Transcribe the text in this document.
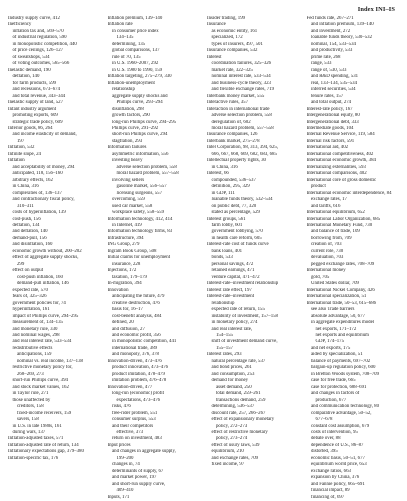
Index INI–IS
Industry supply curve, 412
Inefficiency
inflation tax and, 569–570
of industrial regulation, 590
in monopolistic competition, 440
of price ceilings, 126–127
of sweatshops, 534
of voting outcomes, 565–566
Inelastic demand, 190
deflation, 140
for farm products, 599
and recessions, 673–674
and total revenue, 343–344
Inelastic supply of land, 527
Infant industry argument
promoting exports, 609
strategic trade policy, 609
Inferior goods, 86, 264
and income elasticity of demand,
197
Inflation, 532
Infinite slope, 24
Inflation
and acceptability of money, 294
anticipated, 118, 156–160
arbitrary effects, 162
in China, 316
complexities of, 136–137
and contractionary fiscal policy,
310–311
costs of hyperinflation, 139
cost-push, 156
deflation, 134
and deflation, 140
demand-pull, 156
and disinflation, 160
economic growth without, 200–202
effect of aggregate supply shocks,
299
effect on output
cost-push inflation, 160
demand-pull inflation, 146
expected rate, 570
fears of, 325–326
government policies for, 74
hyperinflation, 161
impact of Phillips curve, 294–295
measurement of, 134–135
and monetary rule, 330
and nominal wages, 298
and real interest rate, 533–534
redistributive effects
anticipations, 159
nominal vs. real income, 137–138
restrictive monetary policy for,
268–269, 273
short-run Phillips curve, 394
and stock market values, 162
in Taylor rule, 271
those unaffected by
creditors, 158
fixed-income receivers, 159
savers, 158
in U.S. in late 1980s, 161
during wars, 137
Inflation-adjusted taxes, 571
Inflation-adjusted rate of return, 134
Inflationary expectations gap, 379–380
Inflation-specific tax, 176
Inflation premium, 139–140
Inflation rate
in consumer price index
134–135
determining, 135
global comparisons, 137
rule of 70, 135
in U.S. 1960–2007, 292
in U.S. 1980 to 1990, 159
Inflation targeting, 275–279, 330
Inflation-unemployment
relationship
aggregate supply shocks and
Phillips curve, 293–294
disinflation, 298
growth factors, 290
long-run Phillips curve, 294–295
Phillips curve, 291–292
short-run Phillips curve, 294
stagflation, 293
Information failures
asymmetric information, 556
investing heavy
adverse selection problem, 558
moral hazard problem, 557–558
involving sellers
gasoline market, 556–557
licensing surgeons, 557
overcoming, 559
used car market, 558
workplace safety, 558–559
Information technology, 412, 414
in Internet, 419
Information technology firms, 83
Infrastructure, 394
ING Group, 279
Ingram Book Group, 508
Initial claims for unemployment
insurance, 228
Injections, 172
taxation, 179–179
In-migration, 394
Innovation
anticipating the future, 479
creative destruction, 476
basis for, 16–17
cost-benefit analysis, 484
defined, 20
and diffusion, 27
and economic profit, 356
in monopolistic competition, 441
international trade, 389
and monopoly, 376, 378
Innovation-driven, 473–476
product innovation, 473–476
product imitation, 478–479
imitation problem, 476–478
Innovation-driven, 477
long-run (economic) profit
expectations, 473–476
risks, 476
free-rider problem, 551
consumer surplus, 553
and their competitors
effective, 373
return on investment, 483
Input prices
and changes in aggregate supply,
199–200
changes in, 74
determinants of supply, 67
and market power, 197
and short-run supply curve,
409–410
Inputs, 171
Insider trading, 199
Insurance
as economic entity, 161
specialized, 172
types of insurers, 497, 501
Insurance companies, 532
Interest
coordination failures, 325–326
market rate, 322–325
nominal interest rate, 533–534
and business-cycle theory, 323
and flexible exchange rates, 719
Interbank money market, 555
Interactive rules, 357
Interaction in international trade
adverse selection problem, 558
deregulation of, 602
moral hazard problem, 557–558
Insurance companies, 126
Interbank market, 275–278
Intel Corporation, 98, 313, 394, 625,
666, 667, 668, 669, 682, 683, 685
Intellectual property rights, 30
in China, 316
Interest, 66
compounded, 536–537
definition, 295, 329
in GDP, 111
loanable funds theory, 532–534
on public debt, 77, 320
stated as percentage, 529
Interest groups, 561
farm lobby, 601
government lobbying, 570
in health care reform, 605
Interest-rate cost of funds curve
bank loans, 401
bonds, 533
personal savings, 472
retained earnings, 471
venture capital, 471–472
Interest-rate–investment relationship
Interest rate effect, 197
Interest-rate–investment
relationship
expected rate of return, 155
instability of investment, 157–158
in monetary policy, 274
and real interest rate,
154–155
shift of investment demand curve,
155–157
Interest rates, 293
natural percentage rate, 537
and bond prices, 261
and consumption, 253
demand for money
asset demand, 250
total demand, 259–261
transactions demand, 259
determining, 536–537
discount rate, 257, 266–267
effect of expansionary monetary
policy, 272–273
effect of restrictive monetary
policy, 273–274
effect of usury laws, 539
equilibrium, 210
and exchange rates, 709
fixed income, 97
Fed funds rate, 267–271
and inflation premium, 139–140
and investment, 272
loanable funds theory, 530–532
nominal, 154, 533–534
and productivity, 533
prime rate, 268
range, 533
range of, 530, 533
and R&D spending, 531
real, 133–134, 535–534
inferred securities, 534
tenure rates, 157
and total output, 274
Interest-rate policy, 167
Intergenerational equity, 80
Intergenerational debt, 333
Intermediate goods, 104
Internal Revenue Service, 119, 584
Internal risk factors, 591
International aid, 402
International competitiveness, 402
International economic growth, 384
Internalizing externalities, 593
International comparisons, 402
International core of gross domestic
product
International economic interdependence, 84
exchange rates, 17
and tariffs, 616
International equilibrium, 652
International Labor Organization, 685
International Monetary Fund, 730
and balance of trade, 109
borrowing from, 709
creation of, 703
current role, 730
devaluation, 703
pegged exchange rates, 708–709
International money
gold, 705
United States dollar, 709
International Nickel Company, 426
International specialization, 51
International trade, 50–53, 615–686
see also Trade barriers
absolute advantage, 50, 677
in aggregate expenditures model
net exports, 171–172
net exports and equilibrium
GDP, 174–175
and net exports, 175
aided by specialization, 51
balance of payments, 697–702
bargain-up regulation policy, 600
in Bretton Woods system, 708–709
case for free trade, 665
case for protection, 688–691
and changes in factors of
production, 677
and communication technology, 80
comparative advantage, 50–52,
677–678
constant cost assumption, 679
costs of intervention, 95
debate over, 88
dependence of U.S., 86–87
distorted, 395
economic basis, 50–51, 677
equilibrium world price, 653
exchange ratios, 663
expansion by China, 376
and Fannie policy, 665–691
financial impact, 89
financing of, 697
